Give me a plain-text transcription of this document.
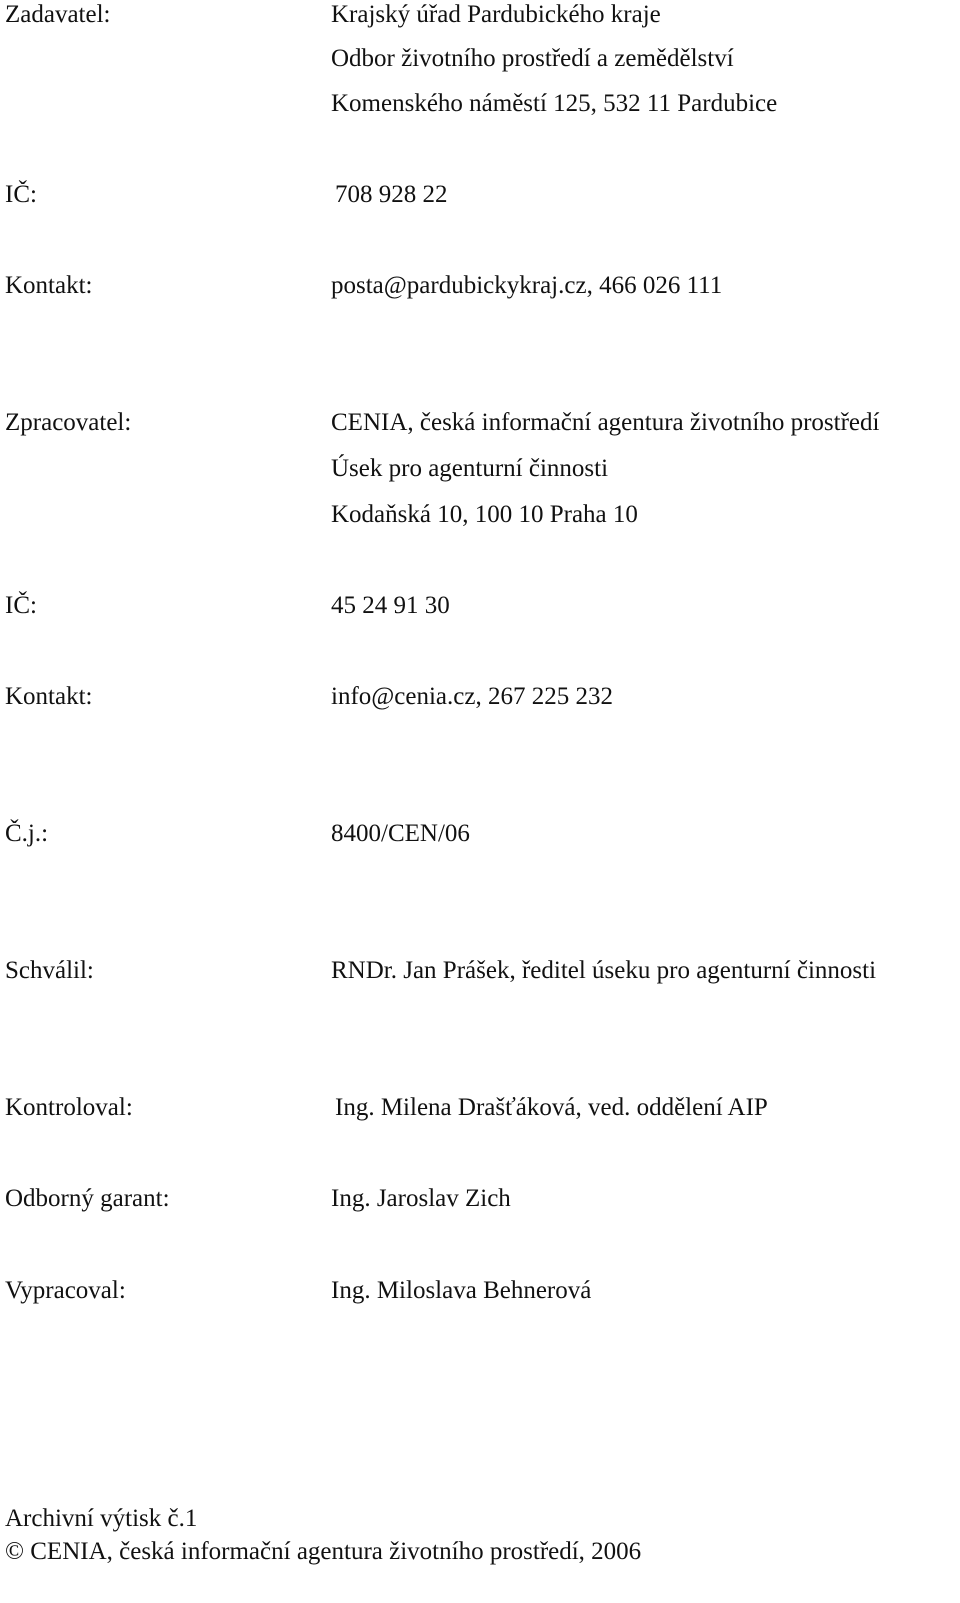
Zadavatel:	Krajský úřad Pardubického kraje

Odbor životního prostředí a zemědělství

Komenského náměstí 125, 532 11 Pardubice

IČ:	708 928 22

Kontakt:	posta@pardubickykraj.cz, 466 026 111

Zpracovatel:	CENIA, česká informační agentura životního prostředí

Úsek pro agenturní činnosti

Kodaňská 10, 100 10 Praha 10

IČ:	45 24 91 30

Kontakt:	info@cenia.cz, 267 225 232

Č.j.:	8400/CEN/06

Schválil:	RNDr. Jan Prášek, ředitel úseku pro agenturní činnosti

Kontroloval:	Ing. Milena Drašťáková, ved. oddělení AIP

Odborný garant:	Ing. Jaroslav Zich

Vypracoval:	Ing. Miloslava Behnerová

Archivní výtisk č.1

© CENIA, česká informační agentura životního prostředí, 2006
